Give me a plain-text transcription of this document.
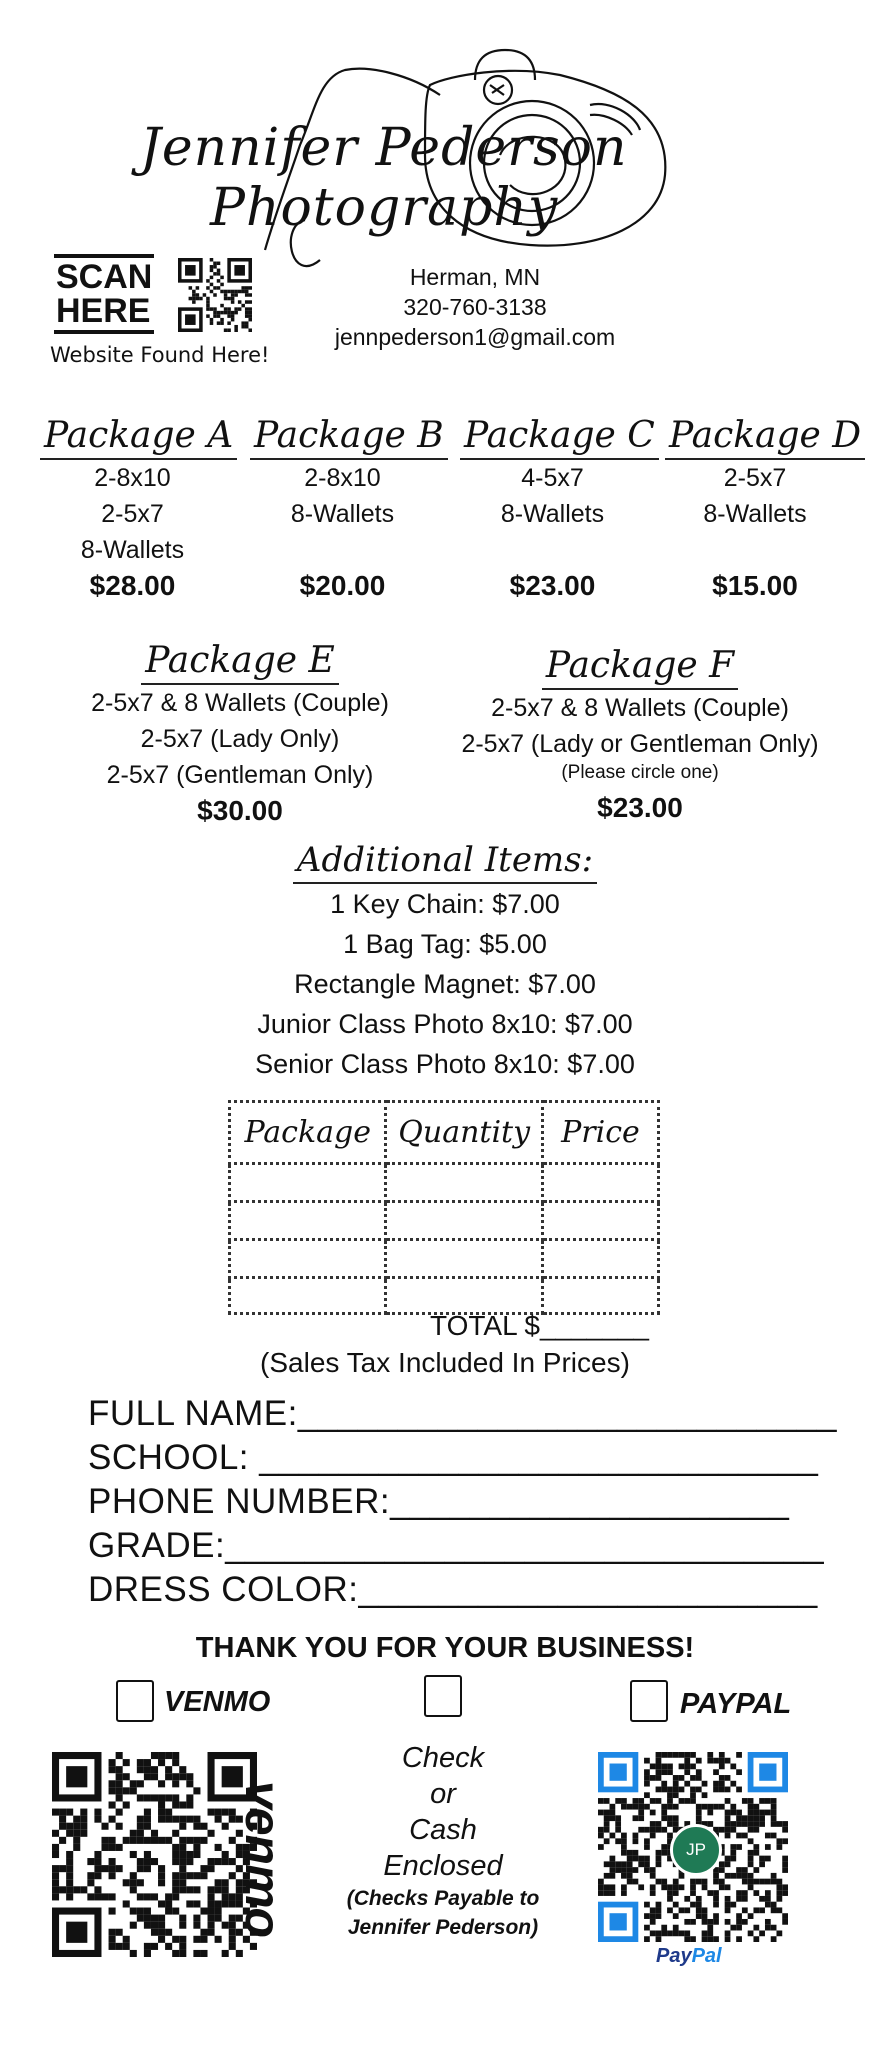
Jennifer Pederson
Photography
SCAN
HERE
Website Found Here!
Herman, MN
320-760-3138
jennpederson1@gmail.com
Package A
2-8x10
2-5x7
8-Wallets
$28.00
Package B
2-8x10
8-Wallets
$20.00
Package C
4-5x7
8-Wallets
$23.00
Package D
2-5x7
8-Wallets
$15.00
Package E
2-5x7 & 8 Wallets (Couple)
2-5x7 (Lady Only)
2-5x7 (Gentleman Only)
$30.00
Package F
2-5x7 & 8 Wallets (Couple)
2-5x7 (Lady or Gentleman Only)
(Please circle one)
$23.00
Additional Items:
1 Key Chain: $7.00
1 Bag Tag: $5.00
Rectangle Magnet: $7.00
Junior Class Photo 8x10: $7.00
Senior Class Photo 8x10: $7.00
Package	Quantity	Price

TOTAL $_______
(Sales Tax Included In Prices)
FULL NAME:___________________________
SCHOOL: ____________________________
PHONE NUMBER:____________________
GRADE:______________________________
DRESS COLOR:_______________________
THANK YOU FOR YOUR BUSINESS!
VENMO	PAYPAL
venmo
Check
or
Cash
Enclosed
(Checks Payable to
Jennifer Pederson)
JP
PayPal
